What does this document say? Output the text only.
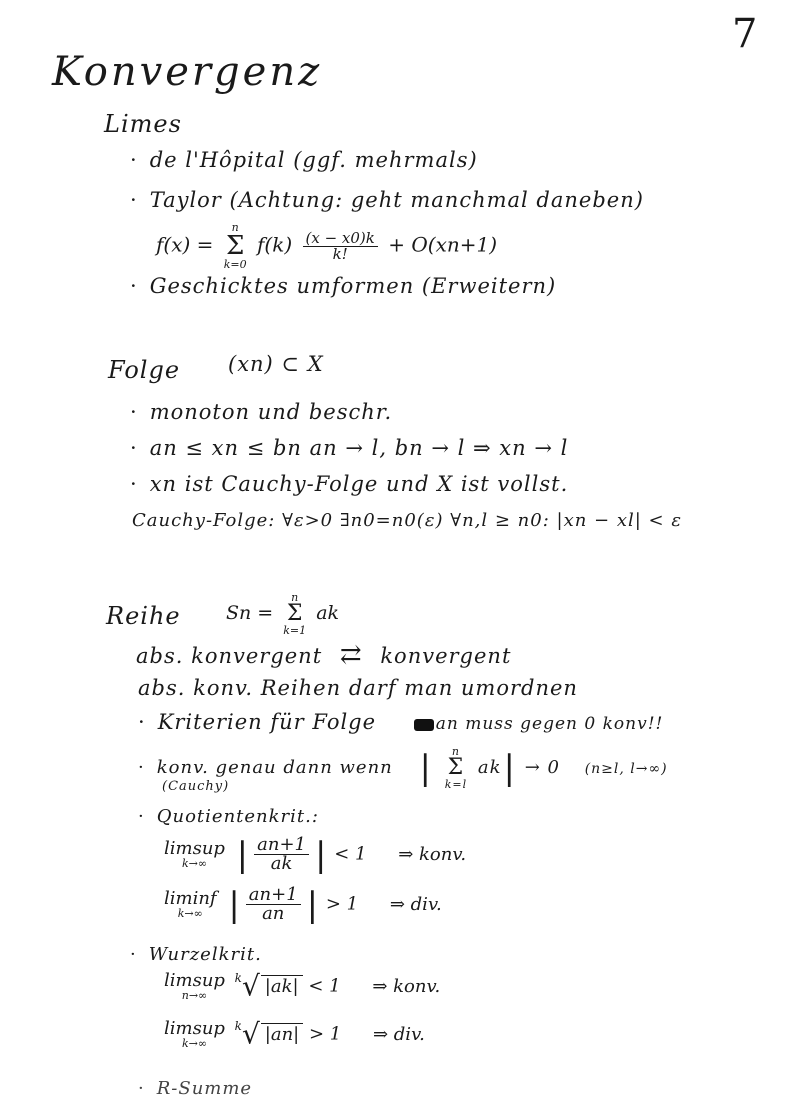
7
Konvergenz
Limes
· de l'Hôpital (ggf. mehrmals)
· Taylor (Achtung: geht manchmal daneben)
f(x) =
n
Σ
k=0
$f(k) \frac{(x - x0)k}{k!} + O(xn+1)$
· Geschicktes umformen (Erweitern)
Folge (xn) ⊂ X
· monoton und beschr.
· an ≤ xn ≤ bn an → l, bn → l ⇒ xn → l
· xn ist Cauchy-Folge und X ist vollst.
Cauchy-Folge: ∀ε>0 ∃n0=n0(ε) ∀n,l ≥ n0: |xn − xl| < ε
Reihe Sn =
n
Σ
k=1
ak
abs. konvergent ⇄ konvergent
abs. konv. Reihen darf man umordnen
· Kriterien für Folge	an muss gegen 0 konv!!
· konv. genau dann wenn | n
Σ
k=l
ak| → 0 (n≥l, l→∞)
(Cauchy)
· Quotientenkrit.:
limsup
k→∞ | $\frac{an+1}{ak}$ | < 1 ⇒ konv.
liminf
k→∞ | $\frac{an+1}{an}$ | > 1 ⇒ div.
· Wurzelkrit.
limsup
n→∞
$^k$√ |ak| < 1 ⇒ konv.
limsup
k→∞
$^k$√ |an| > 1 ⇒ div.
· R-Summe
